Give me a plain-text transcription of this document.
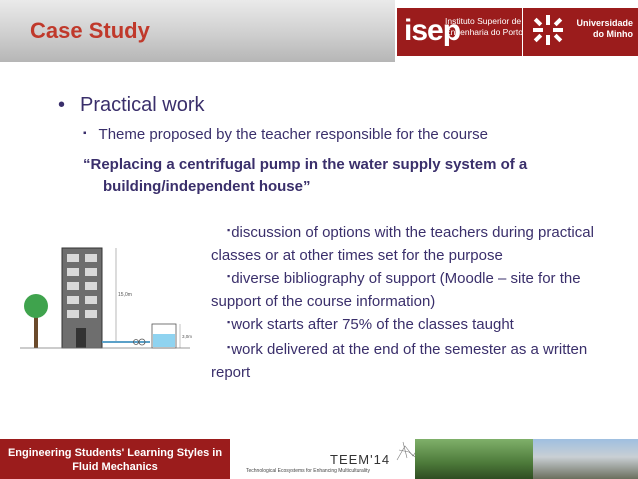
Case Study	isep
Instituto Superior de Engenharia do Porto
Universidade do Minho
• Practical work
▪ Theme proposed by the teacher responsible for the course
“Replacing a centrifugal pump in the water supply system of a
building/independent house”
▪discussion of options with the teachers during practical classes or at other times set for the purpose
▪diverse bibliography of support (Moodle – site for the support of the course information)
▪work starts after 75% of the classes taught
▪work delivered at the end of the semester as a written report
15,0m
3,0m
Engineering Students' Learning Styles in Fluid Mechanics	TEEM'14
Technological Ecosystems for Enhancing Multiculturality
